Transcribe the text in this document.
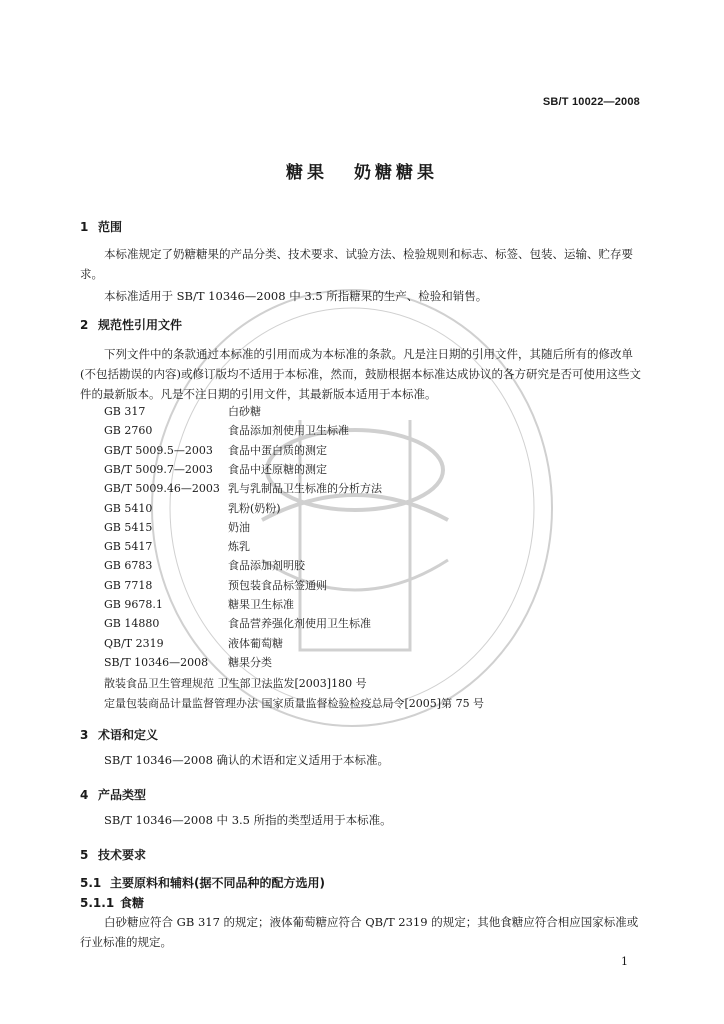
SB/T 10022—2008
糖果 奶糖糖果
1 范围
本标准规定了奶糖糖果的产品分类、技术要求、试验方法、检验规则和标志、标签、包装、运输、贮存要求。
本标准适用于 SB/T 10346—2008 中 3.5 所指糖果的生产、检验和销售。
2 规范性引用文件
下列文件中的条款通过本标准的引用而成为本标准的条款。凡是注日期的引用文件，其随后所有的修改单(不包括勘误的内容)或修订版均不适用于本标准，然而，鼓励根据本标准达成协议的各方研究是否可使用这些文件的最新版本。凡是不注日期的引用文件，其最新版本适用于本标准。
GB 317	白砂糖
GB 2760	食品添加剂使用卫生标准
GB/T 5009.5—2003 食品中蛋白质的测定
GB/T 5009.7—2003 食品中还原糖的测定
GB/T 5009.46—2003 乳与乳制品卫生标准的分析方法
GB 5410	乳粉(奶粉)
GB 5415	奶油
GB 5417	炼乳
GB 6783	食品添加剂明胶
GB 7718	预包装食品标签通则
GB 9678.1	糖果卫生标准
GB 14880	食品营养强化剂使用卫生标准
QB/T 2319	液体葡萄糖
SB/T 10346—2008 糖果分类
散装食品卫生管理规范 卫生部卫法监发[2003]180 号
定量包装商品计量监督管理办法 国家质量监督检验检疫总局令[2005]第 75 号
3 术语和定义
SB/T 10346—2008 确认的术语和定义适用于本标准。
4 产品类型
SB/T 10346—2008 中 3.5 所指的类型适用于本标准。
5 技术要求
5.1 主要原料和辅料(据不同品种的配方选用)
5.1.1 食糖
白砂糖应符合 GB 317 的规定；液体葡萄糖应符合 QB/T 2319 的规定；其他食糖应符合相应国家标准或行业标准的规定。
1
